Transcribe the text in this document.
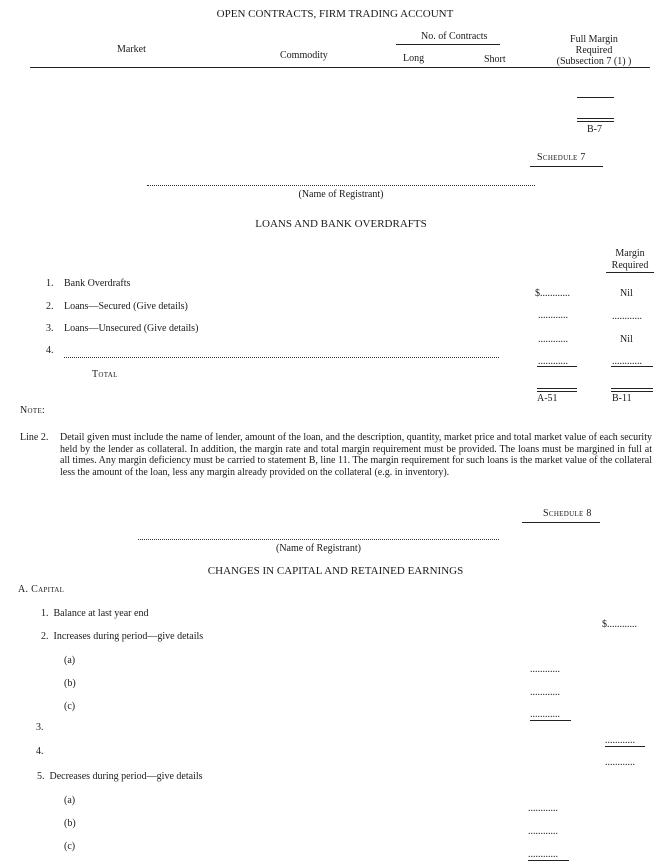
OPEN CONTRACTS, FIRM TRADING ACCOUNT
Market
Commodity
No. of Contracts
Long	Short
Full Margin
Required
(Subsection 7 (1) )
B-7
Schedule 7
(Name of Registrant)
LOANS AND BANK OVERDRAFTS
Margin
Required
1. Bank Overdrafts
$............	Nil
2. Loans—Secured (Give details)
............	............
3. Loans—Unsecured (Give details)
............	Nil
4.
............	............
Total
A-51	B-11
Note:
Line 2. Detail given must include the name of lender, amount of the loan, and the description, quantity, market price and total market value of each security held by the lender as collateral. In addition, the margin rate and total margin requirement must be provided. The loans must be margined in full at all times. Any margin deficiency must be carried to statement B, line 11. The margin requirement for such loans is the market value of the collateral less the amount of the loan, less any margin already provided on the collateral (e.g. in inventory).
Schedule 8
(Name of Registrant)
CHANGES IN CAPITAL AND RETAINED EARNINGS
A. Capital
1.  Balance at last year end
$............
2.  Increases during period—give details
(a)
............
(b)
............
(c)
............
3.
............
4.
............
5.  Decreases during period—give details
(a)
............
(b)
............
(c)
............
